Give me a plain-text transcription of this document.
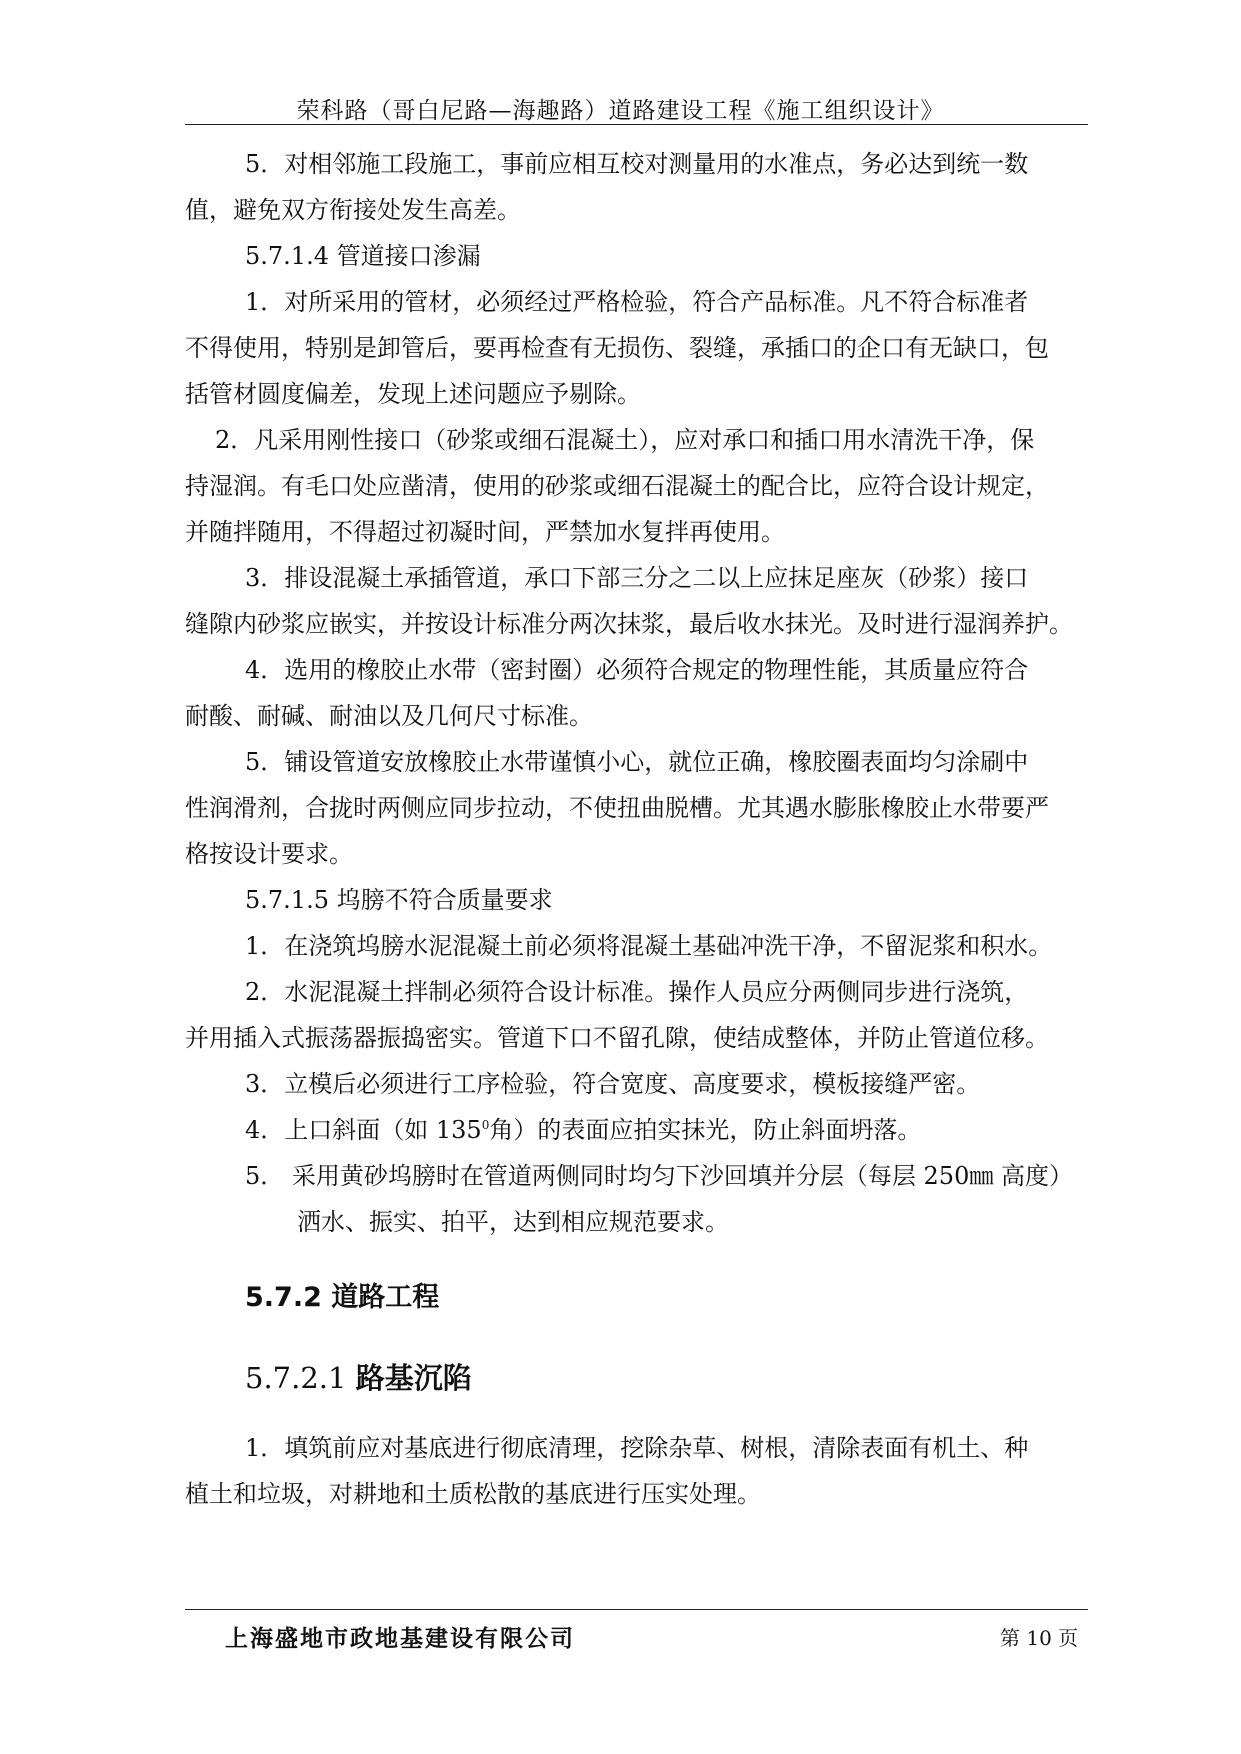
荣科路（哥白尼路—海趣路）道路建设工程《施工组织设计》
5．对相邻施工段施工，事前应相互校对测量用的水准点，务必达到统一数
值，避免双方衔接处发生高差。
5.7.1.4 管道接口渗漏
1．对所采用的管材，必须经过严格检验，符合产品标准。凡不符合标准者
不得使用，特别是卸管后，要再检查有无损伤、裂缝，承插口的企口有无缺口，包
括管材圆度偏差，发现上述问题应予剔除。
2．凡采用刚性接口（砂浆或细石混凝土），应对承口和插口用水清洗干净，保
持湿润。有毛口处应凿清，使用的砂浆或细石混凝土的配合比，应符合设计规定，
并随拌随用，不得超过初凝时间，严禁加水复拌再使用。
3．排设混凝土承插管道，承口下部三分之二以上应抹足座灰（砂浆）接口
缝隙内砂浆应嵌实，并按设计标准分两次抹浆，最后收水抹光。及时进行湿润养护。
4．选用的橡胶止水带（密封圈）必须符合规定的物理性能，其质量应符合
耐酸、耐碱、耐油以及几何尺寸标准。
5．铺设管道安放橡胶止水带谨慎小心，就位正确，橡胶圈表面均匀涂刷中
性润滑剂，合拢时两侧应同步拉动，不使扭曲脱槽。尤其遇水膨胀橡胶止水带要严
格按设计要求。
5.7.1.5 坞膀不符合质量要求
1．在浇筑坞膀水泥混凝土前必须将混凝土基础冲洗干净，不留泥浆和积水。
2．水泥混凝土拌制必须符合设计标准。操作人员应分两侧同步进行浇筑，
并用插入式振荡器振捣密实。管道下口不留孔隙，使结成整体，并防止管道位移。
3．立模后必须进行工序检验，符合宽度、高度要求，模板接缝严密。
4．上口斜面（如 $135^0$角）的表面应拍实抹光，防止斜面坍落。
5． 采用黄砂坞膀时在管道两侧同时均匀下沙回填并分层（每层 250㎜ 高度）
洒水、振实、拍平，达到相应规范要求。
5.7.2 道路工程
5.7.2.1 路基沉陷
1．填筑前应对基底进行彻底清理，挖除杂草、树根，清除表面有机土、种
植土和垃圾，对耕地和土质松散的基底进行压实处理。
上海盛地市政地基建设有限公司	第 10 页
